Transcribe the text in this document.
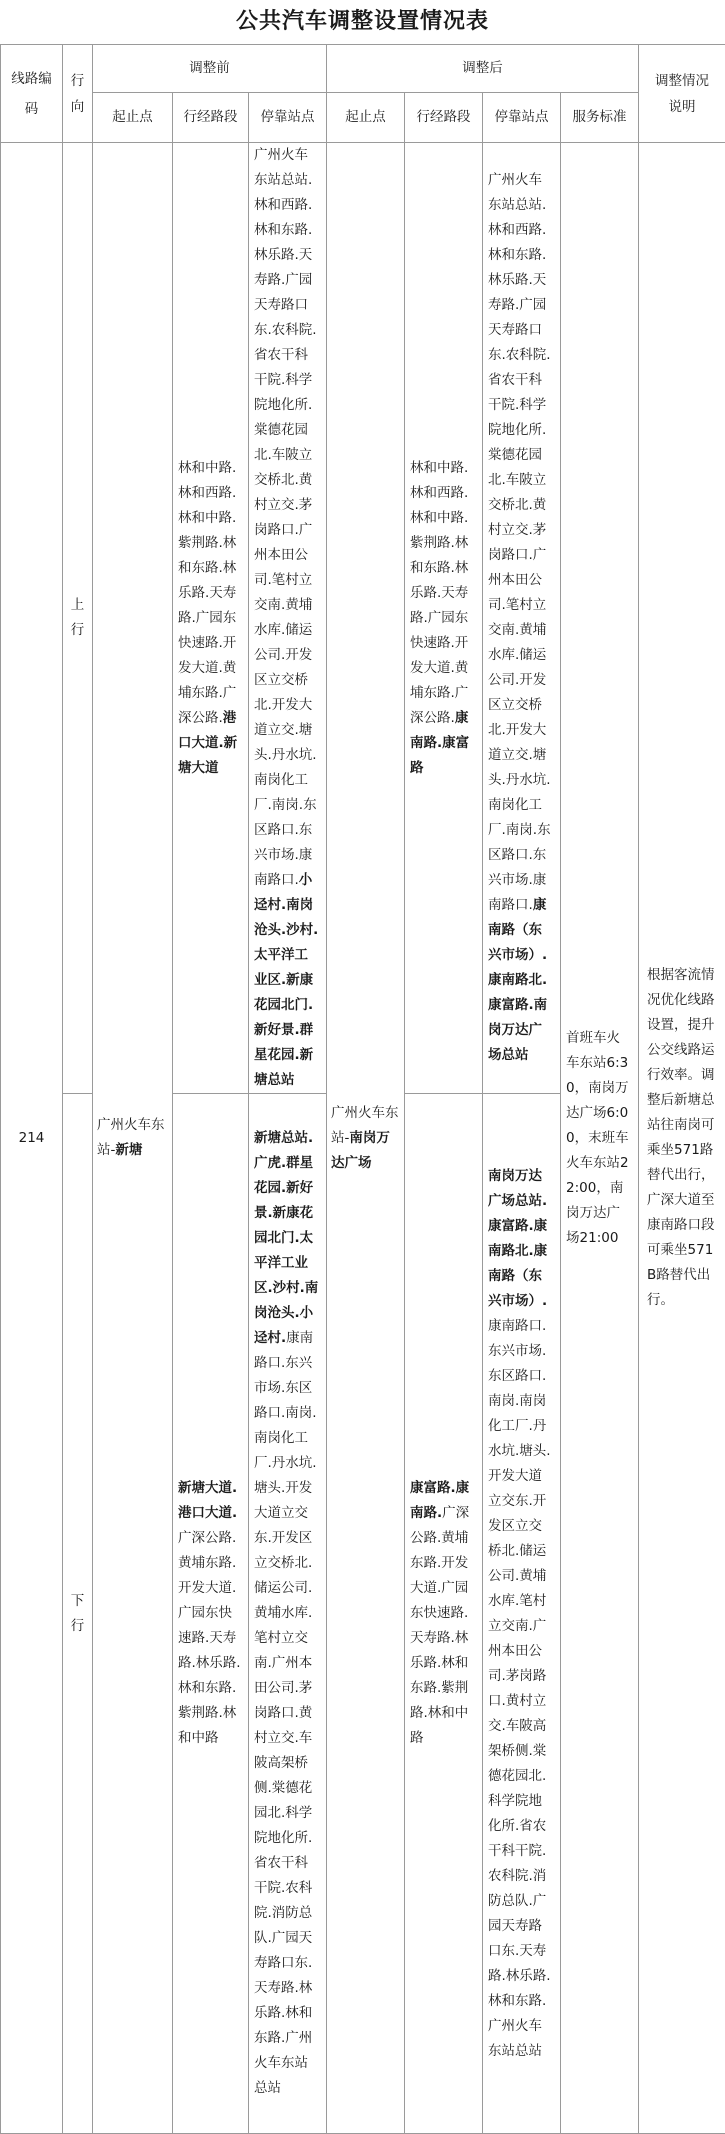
公共汽车调整设置情况表
线路编码	行向	调整前			调整后				调整情况说明

		起止点	行经路段	停靠站点	起止点	行经路段	停靠站点	服务标准	
214	上行	广州火车东站-新塘	林和中路.林和西路.林和中路.紫荆路.林和东路.林乐路.天寿路.广园东快速路.开发大道.黄埔东路.广深公路.港口大道.新塘大道	广州火车东站总站.林和西路.林和东路.林乐路.天寿路.广园天寿路口东.农科院.省农干科干院.科学院地化所.棠德花园北.车陂立交桥北.黄村立交.茅岗路口.广州本田公司.笔村立交南.黄埔水库.储运公司.开发区立交桥北.开发大道立交.塘头.丹水坑.南岗化工厂.南岗.东区路口.东兴市场.康南路口.小迳村.南岗沧头.沙村.太平洋工业区.新康花园北门.新好景.群星花园.新塘总站	广州火车东站-南岗万达广场	林和中路.林和西路.林和中路.紫荆路.林和东路.林乐路.天寿路.广园东快速路.开发大道.黄埔东路.广深公路.康南路.康富路	广州火车东站总站.林和西路.林和东路.林乐路.天寿路.广园天寿路口东.农科院.省农干科干院.科学院地化所.棠德花园北.车陂立交桥北.黄村立交.茅岗路口.广州本田公司.笔村立交南.黄埔水库.储运公司.开发区立交桥北.开发大道立交.塘头.丹水坑.南岗化工厂.南岗.东区路口.东兴市场.康南路口.康南路（东兴市场）.康南路北.康富路.南岗万达广场总站	首班车火车东站6:30，南岗万达广场6:00，末班车火车东站22:00，南岗万达广场21:00	根据客流情况优化线路设置，提升公交线路运行效率。调整后新塘总站往南岗可乘坐571路替代出行，广深大道至康南路口段可乘坐571B路替代出行。

	下行		新塘大道.港口大道.广深公路.黄埔东路.开发大道.广园东快速路.天寿路.林乐路.林和东路.紫荆路.林和中路	新塘总站.广虎.群星花园.新好景.新康花园北门.太平洋工业区.沙村.南岗沧头.小迳村.康南路口.东兴市场.东区路口.南岗.南岗化工厂.丹水坑.塘头.开发大道立交东.开发区立交桥北.储运公司.黄埔水库.笔村立交南.广州本田公司.茅岗路口.黄村立交.车陂高架桥侧.棠德花园北.科学院地化所.省农干科干院.农科院.消防总队.广园天寿路口东.天寿路.林乐路.林和东路.广州火车东站总站		康富路.康南路.广深公路.黄埔东路.开发大道.广园东快速路.天寿路.林乐路.林和东路.紫荆路.林和中路	南岗万达广场总站.康富路.康南路北.康南路（东兴市场）.康南路口.东兴市场.东区路口.南岗.南岗化工厂.丹水坑.塘头.开发大道立交东.开发区立交桥北.储运公司.黄埔水库.笔村立交南.广州本田公司.茅岗路口.黄村立交.车陂高架桥侧.棠德花园北.科学院地化所.省农干科干院.农科院.消防总队.广园天寿路口东.天寿路.林乐路.林和东路.广州火车东站总站		
